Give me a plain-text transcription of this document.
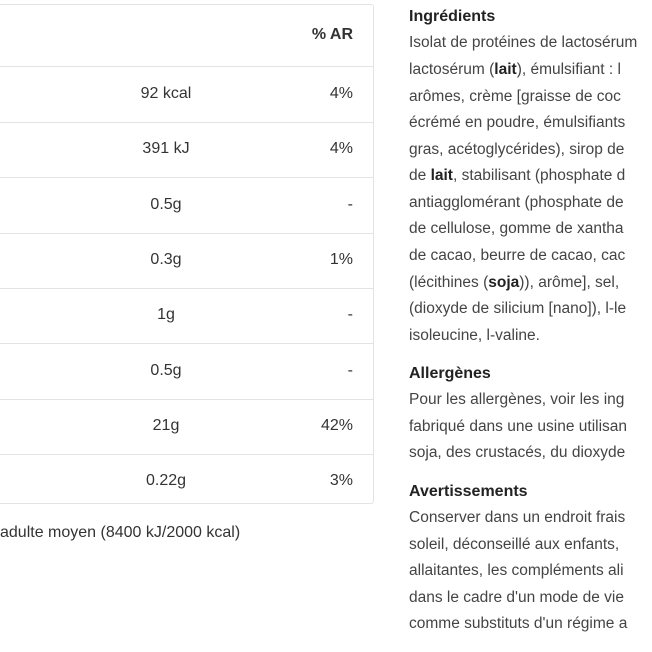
% AR
92 kcal	4%
391 kJ	4%
0.5g	-
0.3g	1%
1g	-
0.5g	-
21g	42%
0.22g	3%
adulte moyen (8400 kJ/2000 kcal)
Ingrédients
Isolat de protéines de lactosérum
lactosérum (lait), émulsifiant : l
arômes, crème [graisse de coc
écrémé en poudre, émulsifiants
gras, acétoglycérides), sirop de
de lait, stabilisant (phosphate d
antiagglomérant (phosphate de
de cellulose, gomme de xantha
de cacao, beurre de cacao, cac
(lécithines (soja)), arôme], sel,
(dioxyde de silicium [nano]), l-le
isoleucine, l-valine.
Allergènes
Pour les allergènes, voir les ing
fabriqué dans une usine utilisan
soja, des crustacés, du dioxyde
Avertissements
Conserver dans un endroit frais
soleil, déconseillé aux enfants,
allaitantes, les compléments ali
dans le cadre d'un mode de vie
comme substituts d'un régime a
